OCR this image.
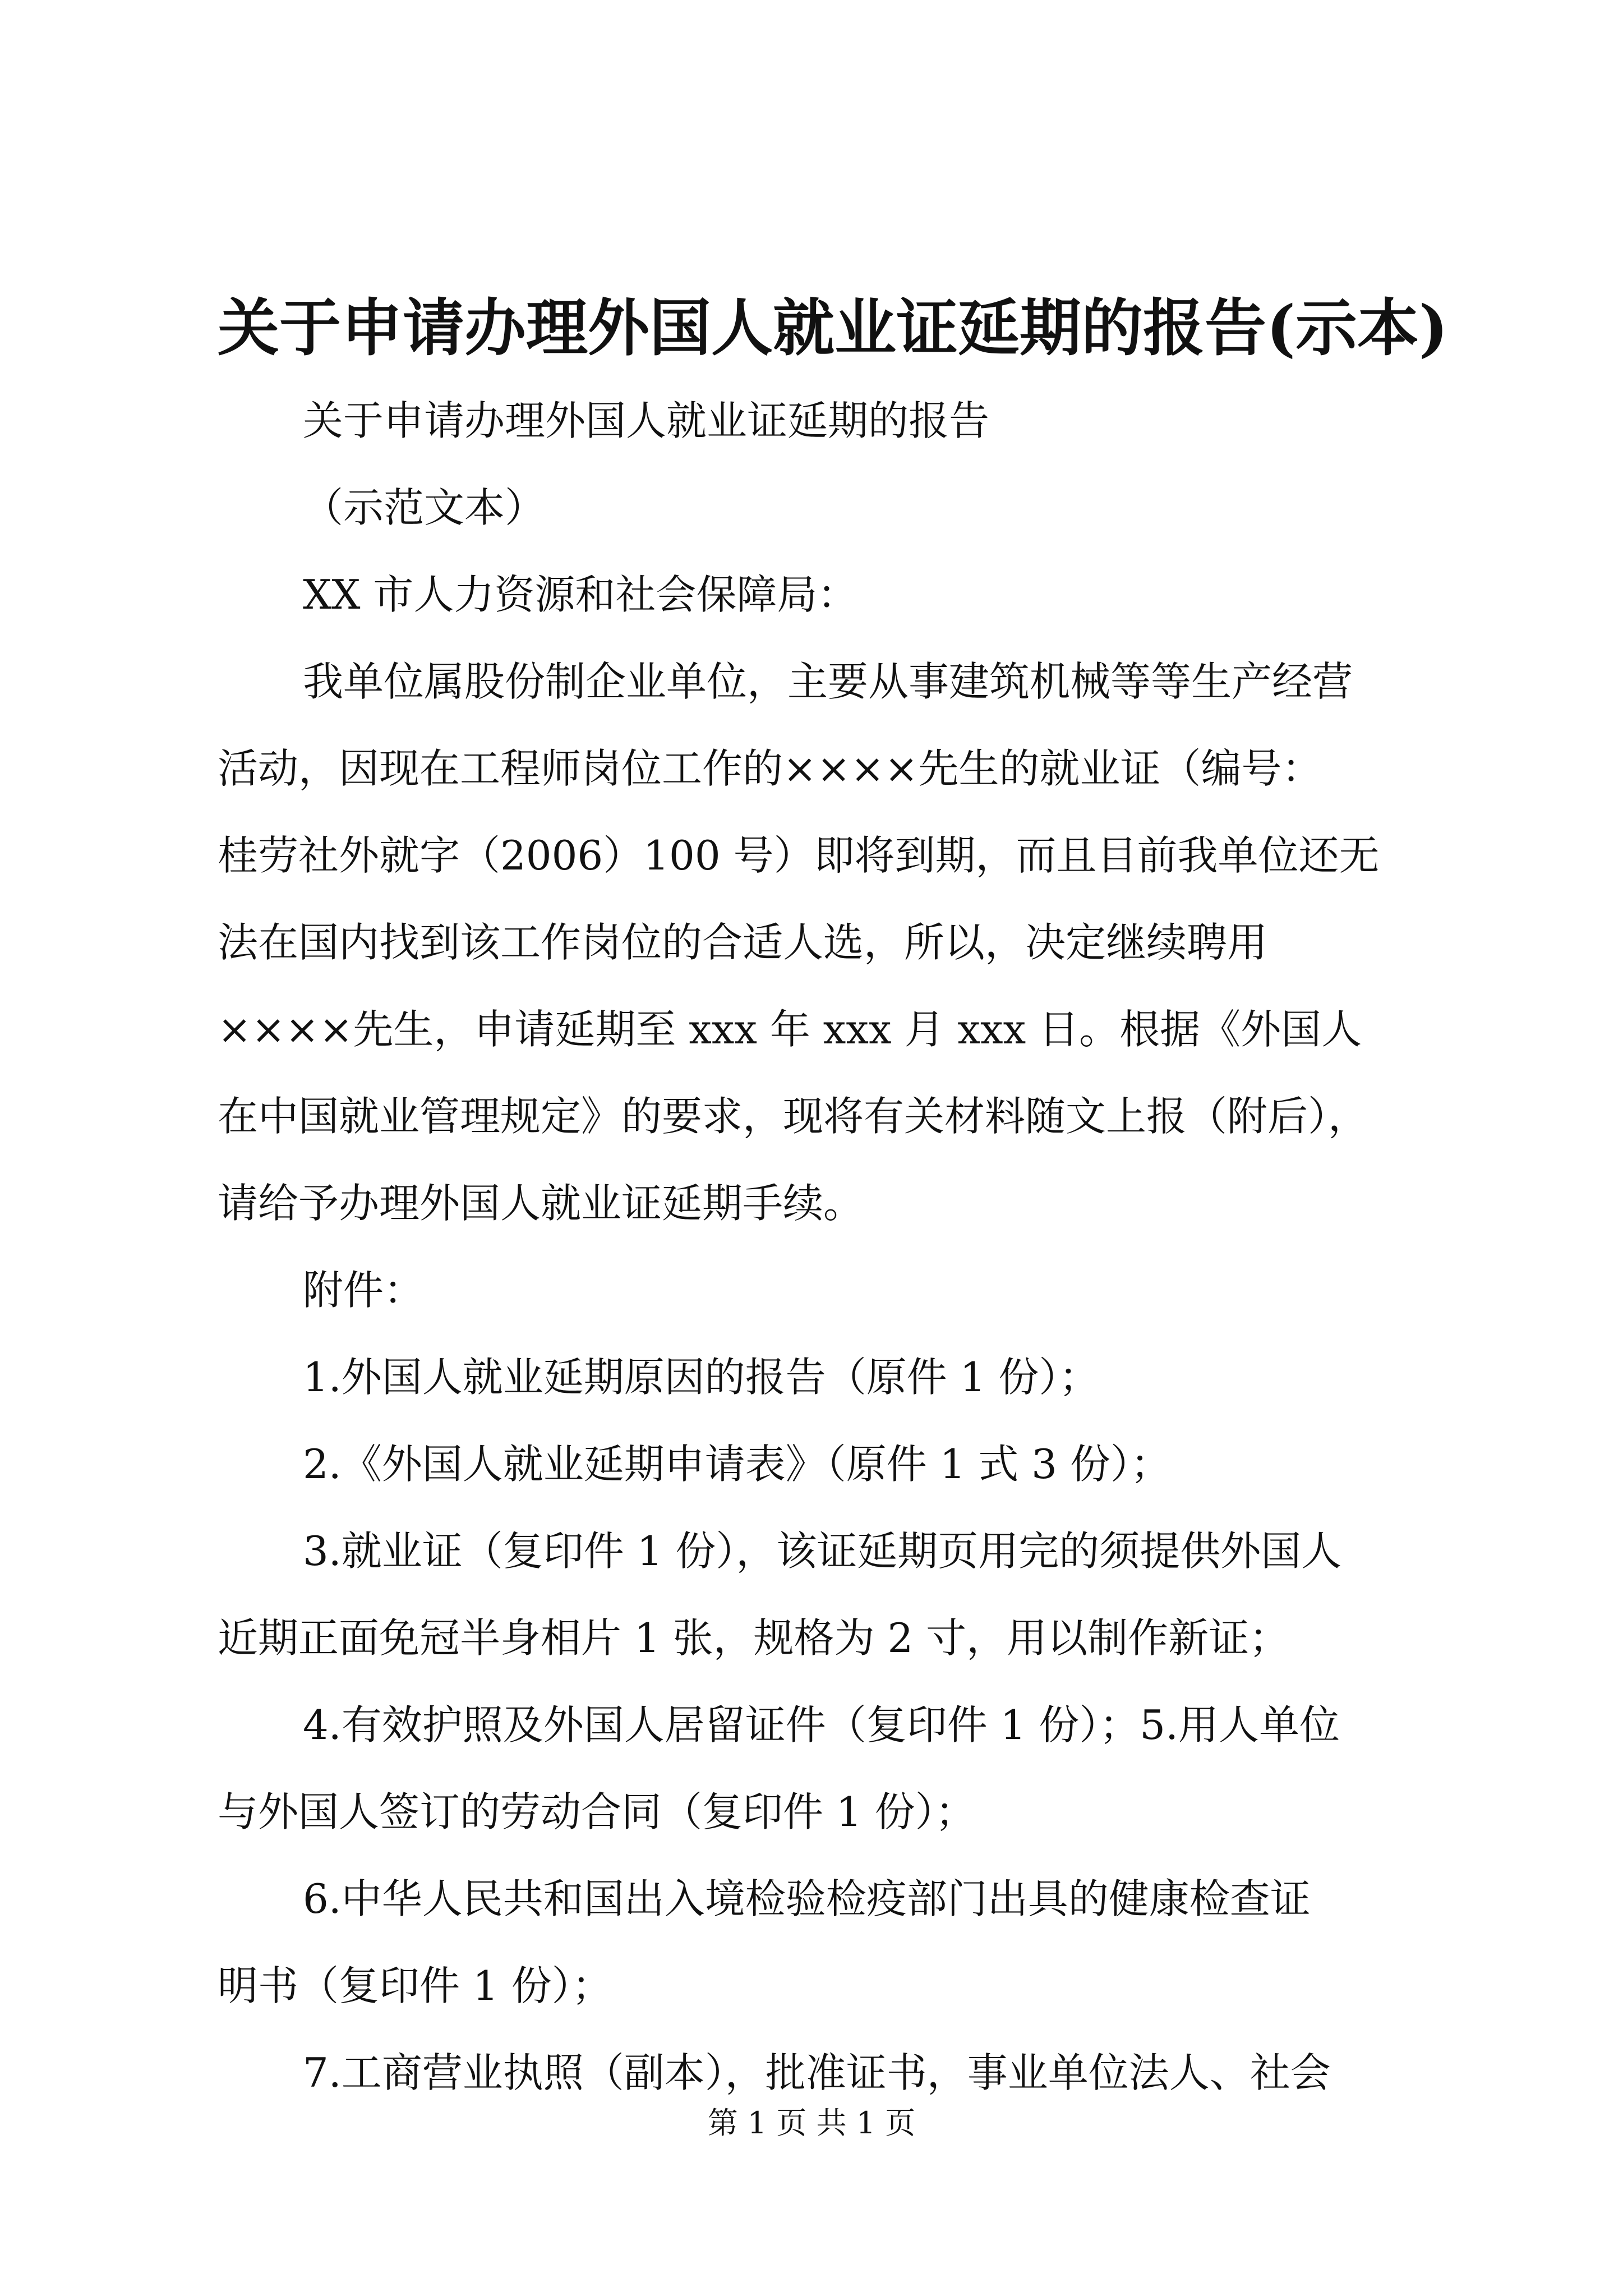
关于申请办理外国人就业证延期的报告(示本)
关于申请办理外国人就业证延期的报告
（示范文本）
XX 市人力资源和社会保障局：
我单位属股份制企业单位，主要从事建筑机械等等生产经营
活动，因现在工程师岗位工作的××××先生的就业证（编号：
桂劳社外就字（2006）100 号）即将到期，而且目前我单位还无
法在国内找到该工作岗位的合适人选，所以，决定继续聘用
××××先生，申请延期至 xxx 年 xxx 月 xxx 日。根据《外国人
在中国就业管理规定》的要求，现将有关材料随文上报（附后），
请给予办理外国人就业证延期手续。
附件：
1.外国人就业延期原因的报告（原件 1 份）；
2.《外国人就业延期申请表》（原件 1 式 3 份）；
3.就业证（复印件 1 份），该证延期页用完的须提供外国人
近期正面免冠半身相片 1 张，规格为 2 寸，用以制作新证；
4.有效护照及外国人居留证件（复印件 1 份）；5.用人单位
与外国人签订的劳动合同（复印件 1 份）；
6.中华人民共和国出入境检验检疫部门出具的健康检查证
明书（复印件 1 份）；
7.工商营业执照（副本），批准证书，事业单位法人、社会
第 1 页 共 1 页
